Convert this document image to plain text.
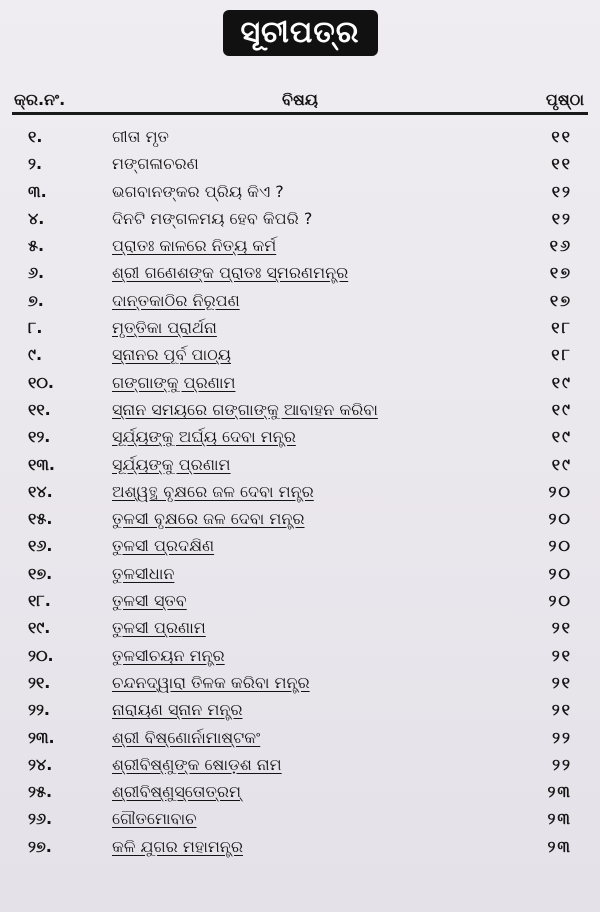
ସୂଚୀପତ୍ର
କ୍ର.ନଂ.	ବିଷୟ	ପୃଷ୍ଠା
୧.	ଗୀତା ମୃତ	୧୧
୨.	ମଙ୍ଗଳାଚରଣ	୧୧
୩.	ଭଗବାନଙ୍କର ପ୍ରିୟ କିଏ ?	୧୨
୪.	ଦିନଟି ମଙ୍ଗଳମୟ ହେବ କିପରି ?	୧୨
୫.	ପ୍ରାତଃ କାଳରେ ନିତ୍ୟ କର୍ମ	୧୬
୬.	ଶ୍ରୀ ଗଣେଶଙ୍କ ପ୍ରାତଃ ସ୍ମରଣମନ୍ତ୍ର	୧୭
୭.	ଦାନ୍ତକାଠିର ନିରୂପଣ	୧୭
୮.	ମୃତ୍ତିକା ପ୍ରାର୍ଥନା	୧୮
୯.	ସ୍ନାନର ପୂର୍ବ ପାଠ୍ୟ	୧୮
୧୦.	ଗଙ୍ଗାଙ୍କୁ ପ୍ରଣାମ	୧୯
୧୧.	ସ୍ନାନ ସମୟରେ ଗଙ୍ଗାଙ୍କୁ ଆବାହନ କରିବା	୧୯
୧୨.	ସୂର୍ଯ୍ୟଙ୍କୁ ଅର୍ଘ୍ୟ ଦେବା ମନ୍ତ୍ର	୧୯
୧୩.	ସୂର୍ଯ୍ୟଙ୍କୁ ପ୍ରଣାମ	୧୯
୧୪.	ଅଶ୍ୱତ୍ଥ ବୃକ୍ଷରେ ଜଳ ଦେବା ମନ୍ତ୍ର	୨୦
୧୫.	ତୁଳସୀ ବୃକ୍ଷରେ ଜଳ ଦେବା ମନ୍ତ୍ର	୨୦
୧୬.	ତୁଳସୀ ପ୍ରଦକ୍ଷିଣ	୨୦
୧୭.	ତୁଳସୀଧାନ	୨୦
୧୮.	ତୁଳସୀ ସ୍ତବ	୨୦
୧୯.	ତୁଳସୀ ପ୍ରଣାମ	୨୧
୨୦.	ତୁଳସୀଚୟନ ମନ୍ତ୍ର	୨୧
୨୧.	ଚନ୍ଦନଦ୍ୱାରା ତିଳକ କରିବା ମନ୍ତ୍ର	୨୧
୨୨.	ନାରାୟଣ ସ୍ନାନ ମନ୍ତ୍ର	୨୧
୨୩.	ଶ୍ରୀ ବିଷ୍ଣୋର୍ନାମାଷ୍ଟକଂ	୨୨
୨୪.	ଶ୍ରୀବିଷ୍ଣୁଙ୍କ ଷୋଡ଼ଶ ନାମ	୨୨
୨୫.	ଶ୍ରୀବିଷ୍ଣୁସ୍ତୋତ୍ରମ୍	୨୩
୨୬.	ଗୌତମୋବାଚ	୨୩
୨୭.	କଳି ଯୁଗର ମହାମନ୍ତ୍ର	୨୩
